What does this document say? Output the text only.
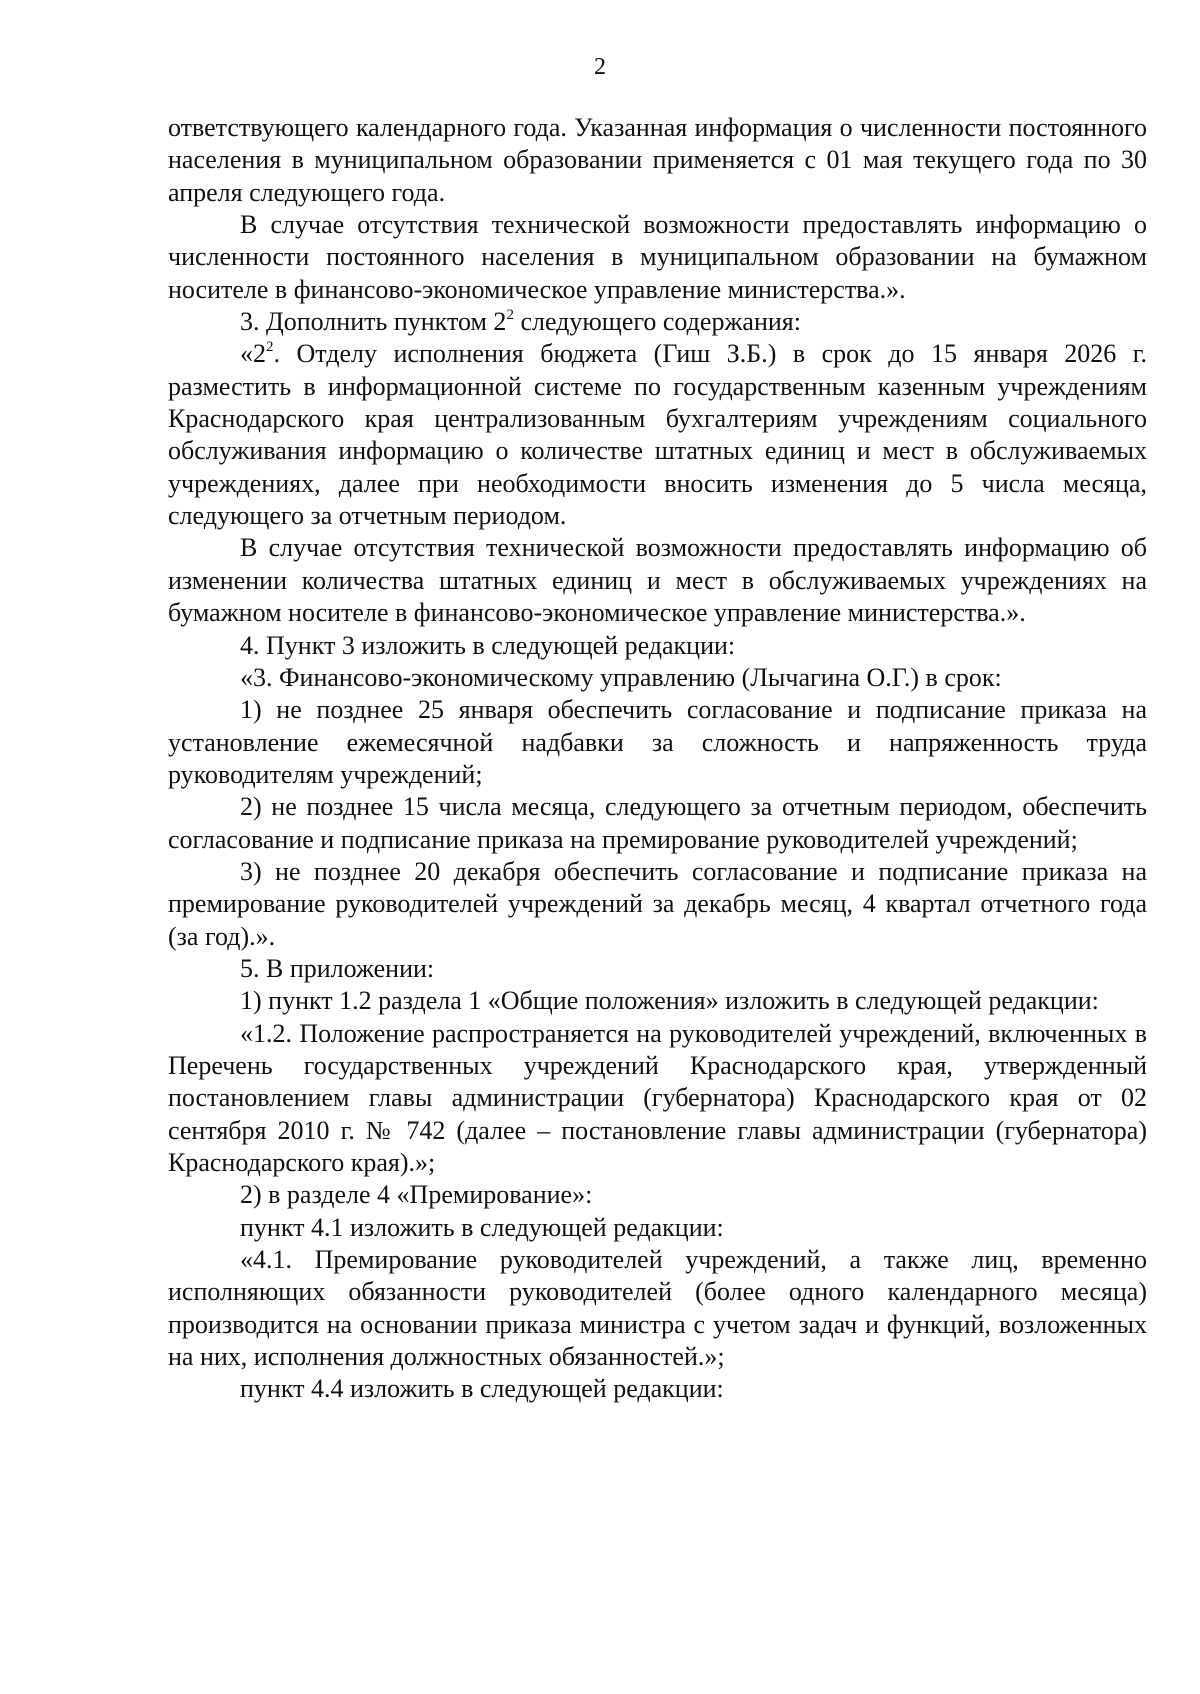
2

ответствующего календарного года. Указанная информация о численности постоянного населения в муниципальном образовании применяется с 01 мая текущего года по 30 апреля следующего года.

В случае отсутствия технической возможности предоставлять информацию о численности постоянного населения в муниципальном образовании на бумажном носителе в финансово-экономическое управление министерства.».

3. Дополнить пунктом $2^2$ следующего содержания:

«$2^2$. Отделу исполнения бюджета (Гиш З.Б.) в срок до 15 января 2026 г. разместить в информационной системе по государственным казенным учреждениям Краснодарского края централизованным бухгалтериям учреждениям социального обслуживания информацию о количестве штатных единиц и мест в обслуживаемых учреждениях, далее при необходимости вносить изменения до 5 числа месяца, следующего за отчетным периодом.

В случае отсутствия технической возможности предоставлять информацию об изменении количества штатных единиц и мест в обслуживаемых учреждениях на бумажном носителе в финансово-экономическое управление министерства.».

4. Пункт 3 изложить в следующей редакции:

«3. Финансово-экономическому управлению (Лычагина О.Г.) в срок:

1) не позднее 25 января обеспечить согласование и подписание приказа на установление ежемесячной надбавки за сложность и напряженность труда руководителям учреждений;

2) не позднее 15 числа месяца, следующего за отчетным периодом, обеспечить согласование и подписание приказа на премирование руководителей учреждений;

3) не позднее 20 декабря обеспечить согласование и подписание приказа на премирование руководителей учреждений за декабрь месяц, 4 квартал отчетного года (за год).».

5. В приложении:

1) пункт 1.2 раздела 1 «Общие положения» изложить в следующей редакции:

«1.2. Положение распространяется на руководителей учреждений, включенных в Перечень государственных учреждений Краснодарского края, утвержденный постановлением главы администрации (губернатора) Краснодарского края от 02 сентября 2010 г. № 742 (далее – постановление главы администрации (губернатора) Краснодарского края).»;

2) в разделе 4 «Премирование»:

пункт 4.1 изложить в следующей редакции:

«4.1. Премирование руководителей учреждений, а также лиц, временно исполняющих обязанности руководителей (более одного календарного месяца) производится на основании приказа министра с учетом задач и функций, возложенных на них, исполнения должностных обязанностей.»;

пункт 4.4 изложить в следующей редакции:
